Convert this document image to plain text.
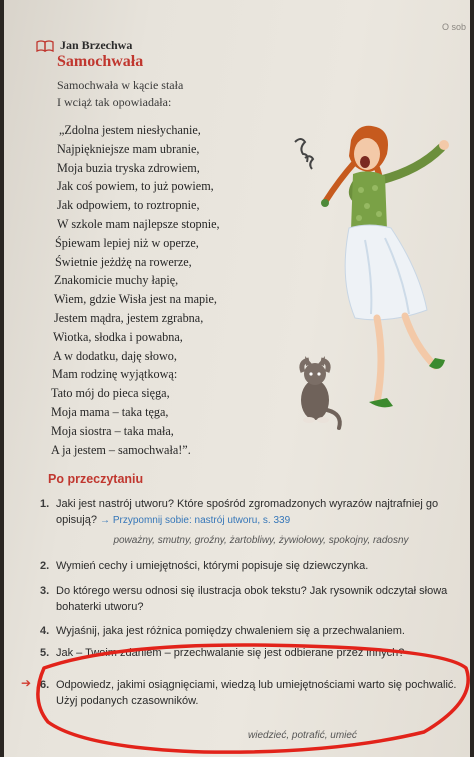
O sob
Jan Brzechwa
Samochwała
Samochwała w kącie stała
I wciąż tak opowiadała:
„Zdolna jestem niesłychanie,
Najpiękniejsze mam ubranie,
Moja buzia tryska zdrowiem,
Jak coś powiem, to już powiem,
Jak odpowiem, to roztropnie,
W szkole mam najlepsze stopnie,
Śpiewam lepiej niż w operze,
Świetnie jeżdżę na rowerze,
Znakomicie muchy łapię,
Wiem, gdzie Wisła jest na mapie,
Jestem mądra, jestem zgrabna,
Wiotka, słodka i powabna,
A w dodatku, daję słowo,
Mam rodzinę wyjątkową:
Tato mój do pieca sięga,
Moja mama – taka tęga,
Moja siostra – taka mała,
A ja jestem – samochwała!”.
Po przeczytaniu
1. Jaki jest nastrój utworu? Które spośród zgromadzonych wyrazów najtrafniej go opisują? → Przypomnij sobie: nastrój utworu, s. 339
poważny, smutny, groźny, żartobliwy, żywiołowy, spokojny, radosny
2. Wymień cechy i umiejętności, którymi popisuje się dziewczynka.
3. Do którego wersu odnosi się ilustracja obok tekstu? Jak rysownik odczytał słowa bohaterki utworu?
4. Wyjaśnij, jaka jest różnica pomiędzy chwaleniem się a przechwalaniem.
5. Jak – Twoim zdaniem – przechwalanie się jest odbierane przez innych?
➔ 6. Odpowiedz, jakimi osiągnięciami, wiedzą lub umiejętnościami warto się pochwalić. Użyj podanych czasowników.
wiedzieć, potrafić, umieć
